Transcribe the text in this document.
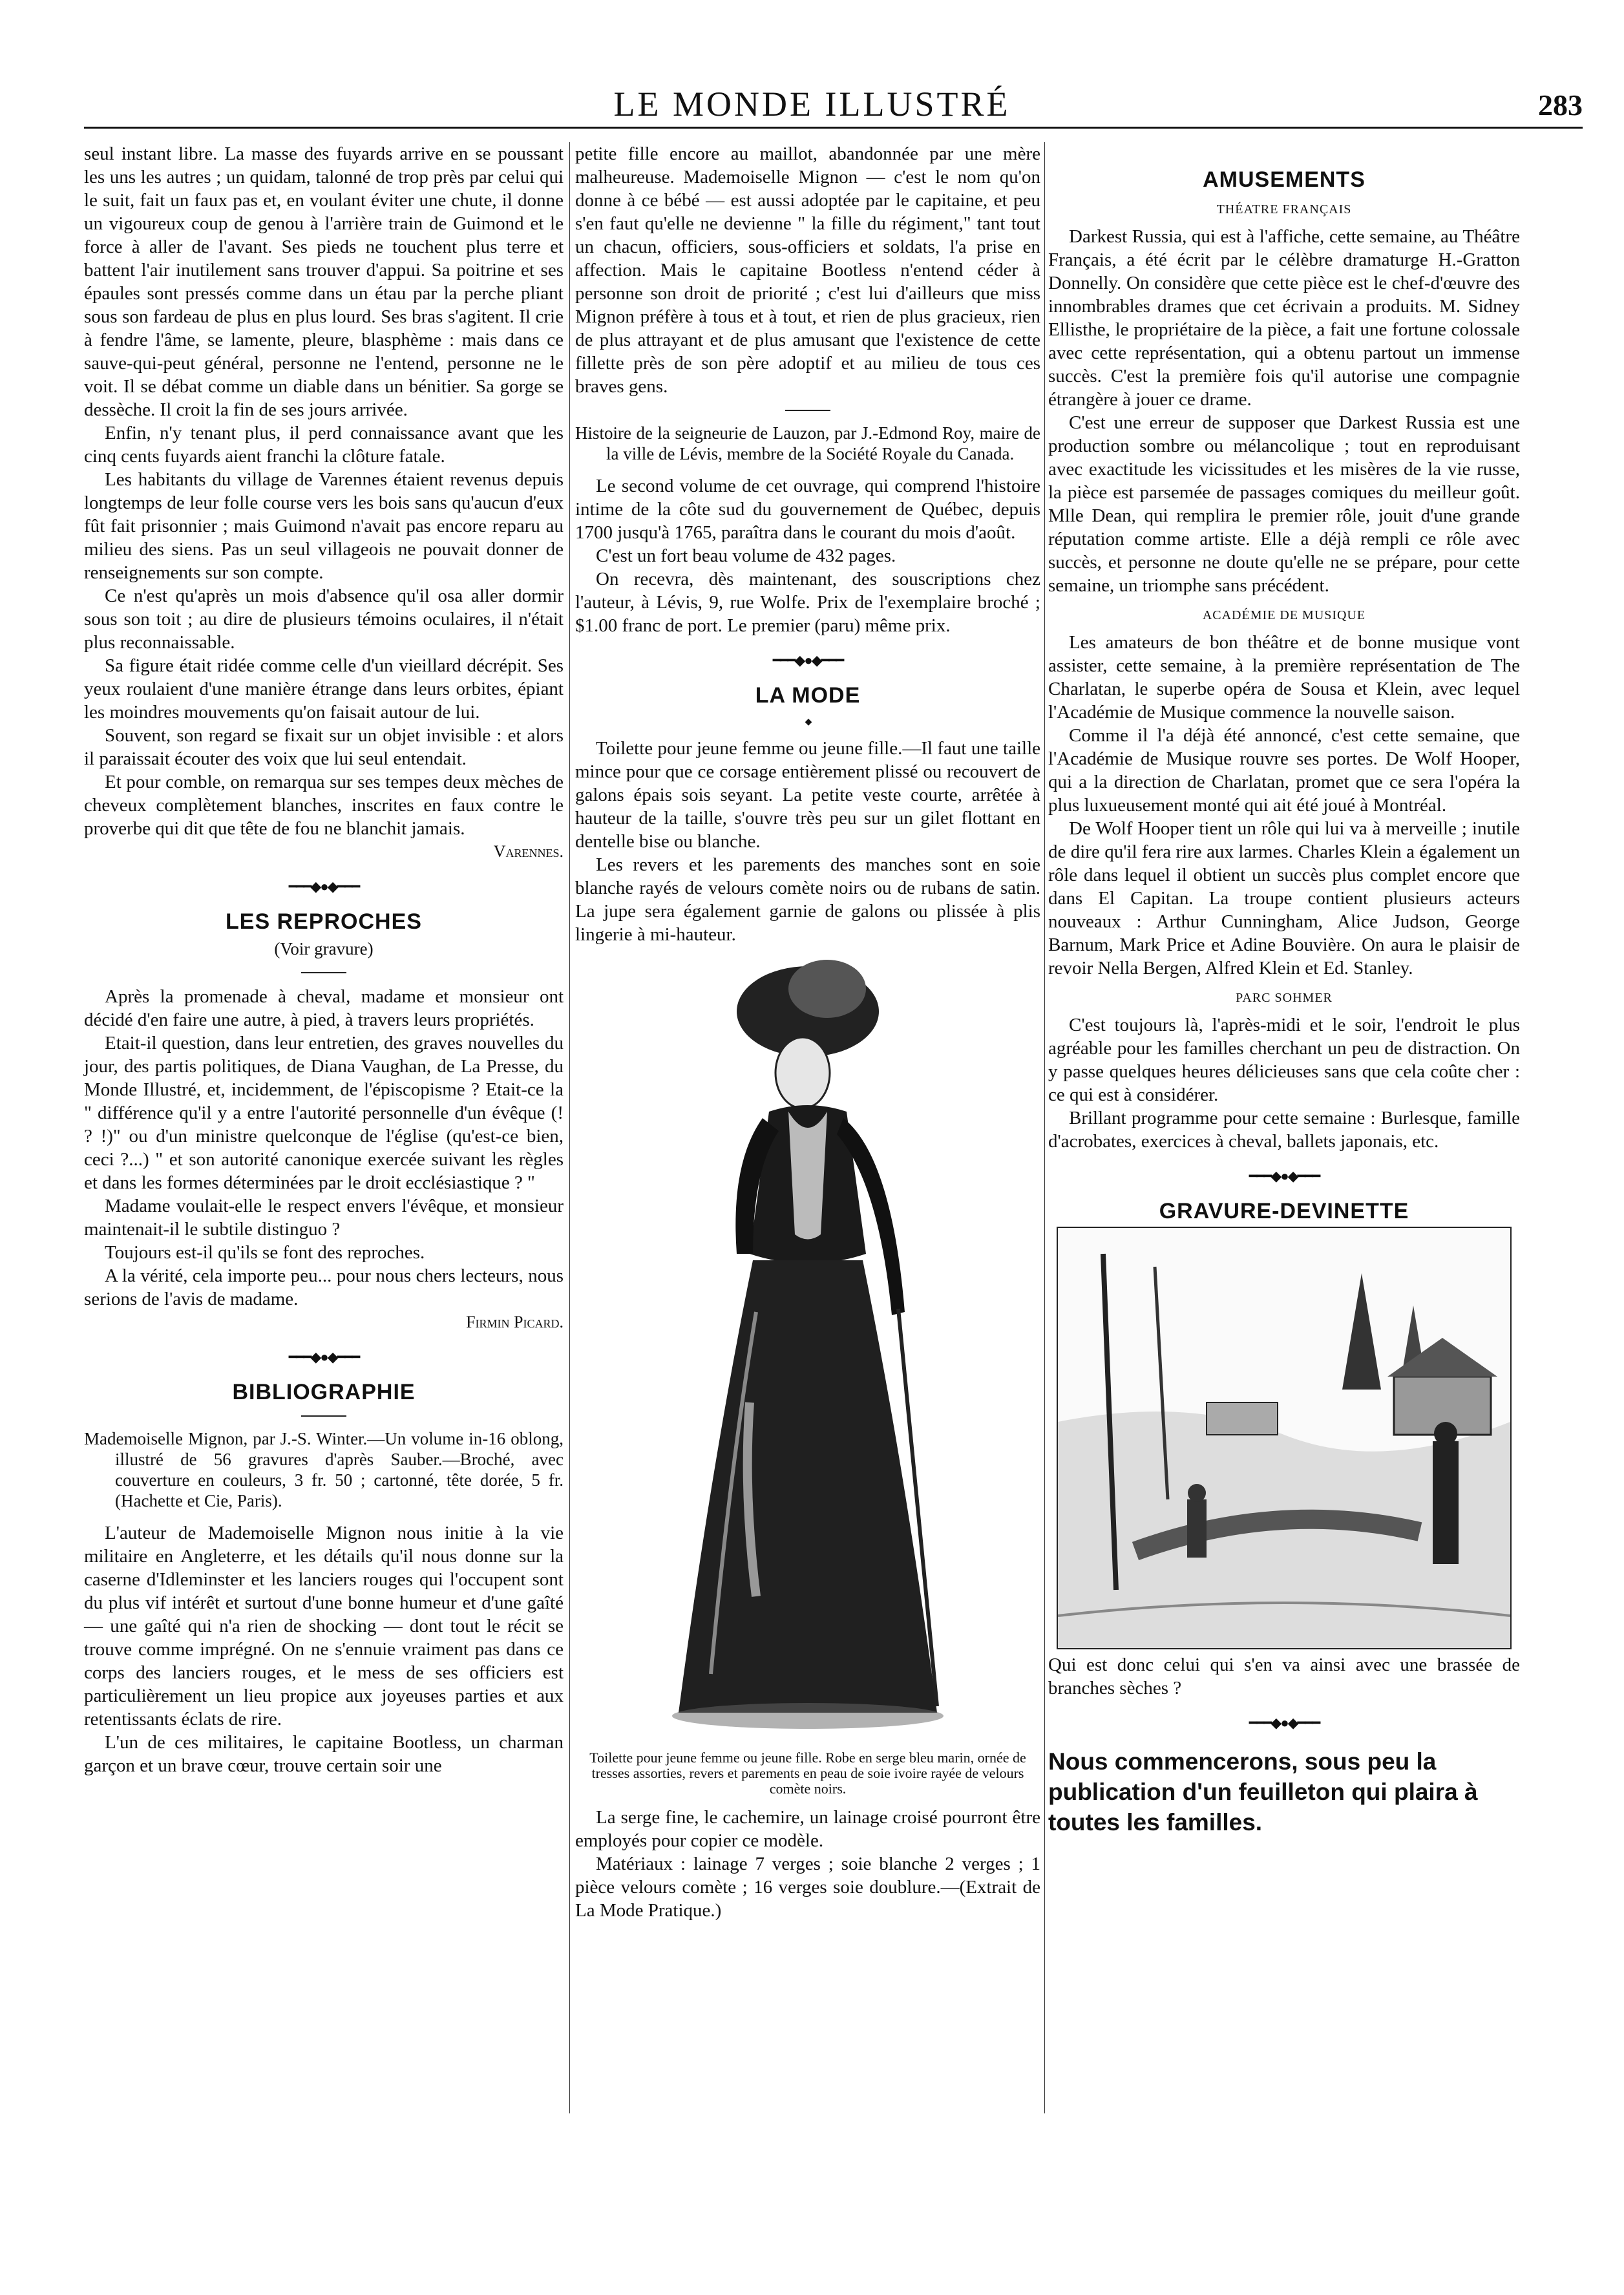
LE MONDE ILLUSTRÉ	283

seul instant libre. La masse des fuyards arrive en se poussant les uns les autres ; un quidam, talonné de trop près par celui qui le suit, fait un faux pas et, en voulant éviter une chute, il donne un vigoureux coup de genou à l'arrière train de Guimond et le force à aller de l'avant. Ses pieds ne touchent plus terre et battent l'air inutilement sans trouver d'appui. Sa poitrine et ses épaules sont pressés comme dans un étau par la perche pliant sous son fardeau de plus en plus lourd. Ses bras s'agitent. Il crie à fendre l'âme, se lamente, pleure, blasphème : mais dans ce sauve-qui-peut général, personne ne l'entend, personne ne le voit. Il se débat comme un diable dans un bénitier. Sa gorge se dessèche. Il croit la fin de ses jours arrivée.

Enfin, n'y tenant plus, il perd connaissance avant que les cinq cents fuyards aient franchi la clôture fatale.

Les habitants du village de Varennes étaient revenus depuis longtemps de leur folle course vers les bois sans qu'aucun d'eux fût fait prisonnier ; mais Guimond n'avait pas encore reparu au milieu des siens. Pas un seul villageois ne pouvait donner de renseignements sur son compte.

Ce n'est qu'après un mois d'absence qu'il osa aller dormir sous son toit ; au dire de plusieurs témoins oculaires, il n'était plus reconnaissable.

Sa figure était ridée comme celle d'un vieillard décrépit. Ses yeux roulaient d'une manière étrange dans leurs orbites, épiant les moindres mouvements qu'on faisait autour de lui.

Souvent, son regard se fixait sur un objet invisible : et alors il paraissait écouter des voix que lui seul entendait.

Et pour comble, on remarqua sur ses tempes deux mèches de cheveux complètement blanches, inscrites en faux contre le proverbe qui dit que tête de fou ne blanchit jamais.

Varennes.
━━━◆●◆━━━
LES REPROCHES
(Voir gravure)

Après la promenade à cheval, madame et monsieur ont décidé d'en faire une autre, à pied, à travers leurs propriétés.

Etait-il question, dans leur entretien, des graves nouvelles du jour, des partis politiques, de Diana Vaughan, de La Presse, du Monde Illustré, et, incidemment, de l'épiscopisme ? Etait-ce la " différence qu'il y a entre l'autorité personnelle d'un évêque (! ? !)" ou d'un ministre quelconque de l'église (qu'est-ce bien, ceci ?...) " et son autorité canonique exercée suivant les règles et dans les formes déterminées par le droit ecclésiastique ? "

Madame voulait-elle le respect envers l'évêque, et monsieur maintenait-il le subtile distinguo ?

Toujours est-il qu'ils se font des reproches.

A la vérité, cela importe peu... pour nous chers lecteurs, nous serions de l'avis de madame.

Firmin Picard.
━━━◆●◆━━━
BIBLIOGRAPHIE

Mademoiselle Mignon, par J.-S. Winter.—Un volume in-16 oblong, illustré de 56 gravures d'après Sauber.—Broché, avec couverture en couleurs, 3 fr. 50 ; cartonné, tête dorée, 5 fr. (Hachette et Cie, Paris).

L'auteur de Mademoiselle Mignon nous initie à la vie militaire en Angleterre, et les détails qu'il nous donne sur la caserne d'Idleminster et les lanciers rouges qui l'occupent sont du plus vif intérêt et surtout d'une bonne humeur et d'une gaîté — une gaîté qui n'a rien de shocking — dont tout le récit se trouve comme imprégné. On ne s'ennuie vraiment pas dans ce corps des lanciers rouges, et le mess de ses officiers est particulièrement un lieu propice aux joyeuses parties et aux retentissants éclats de rire.

L'un de ces militaires, le capitaine Bootless, un charman garçon et un brave cœur, trouve certain soir une

petite fille encore au maillot, abandonnée par une mère malheureuse. Mademoiselle Mignon — c'est le nom qu'on donne à ce bébé — est aussi adoptée par le capitaine, et peu s'en faut qu'elle ne devienne " la fille du régiment," tant tout un chacun, officiers, sous-officiers et soldats, l'a prise en affection. Mais le capitaine Bootless n'entend céder à personne son droit de priorité ; c'est lui d'ailleurs que miss Mignon préfère à tous et à tout, et rien de plus gracieux, rien de plus attrayant et de plus amusant que l'existence de cette fillette près de son père adoptif et au milieu de tous ces braves gens.

Histoire de la seigneurie de Lauzon, par J.-Edmond Roy, maire de la ville de Lévis, membre de la Société Royale du Canada.

Le second volume de cet ouvrage, qui comprend l'histoire intime de la côte sud du gouvernement de Québec, depuis 1700 jusqu'à 1765, paraîtra dans le courant du mois d'août.

C'est un fort beau volume de 432 pages.

On recevra, dès maintenant, des souscriptions chez l'auteur, à Lévis, 9, rue Wolfe. Prix de l'exemplaire broché ; $1.00 franc de port. Le premier (paru) même prix.

━━━◆●◆━━━
LA MODE
◆

Toilette pour jeune femme ou jeune fille.—Il faut une taille mince pour que ce corsage entièrement plissé ou recouvert de galons épais sois seyant. La petite veste courte, arrêtée à hauteur de la taille, s'ouvre très peu sur un gilet flottant en dentelle bise ou blanche.

Les revers et les parements des manches sont en soie blanche rayés de velours comète noirs ou de rubans de satin. La jupe sera également garnie de galons ou plissée à plis lingerie à mi-hauteur.

Toilette pour jeune femme ou jeune fille. Robe en serge bleu marin, ornée de tresses assorties, revers et parements en peau de soie ivoire rayée de velours comète noirs.

La serge fine, le cachemire, un lainage croisé pourront être employés pour copier ce modèle.

Matériaux : lainage 7 verges ; soie blanche 2 verges ; 1 pièce velours comète ; 16 verges soie doublure.—(Extrait de La Mode Pratique.)

AMUSEMENTS
THÉATRE FRANÇAIS

Darkest Russia, qui est à l'affiche, cette semaine, au Théâtre Français, a été écrit par le célèbre dramaturge H.-Gratton Donnelly. On considère que cette pièce est le chef-d'œuvre des innombrables drames que cet écrivain a produits. M. Sidney Ellisthe, le propriétaire de la pièce, a fait une fortune colossale avec cette représentation, qui a obtenu partout un immense succès. C'est la première fois qu'il autorise une compagnie étrangère à jouer ce drame.

C'est une erreur de supposer que Darkest Russia est une production sombre ou mélancolique ; tout en reproduisant avec exactitude les vicissitudes et les misères de la vie russe, la pièce est parsemée de passages comiques du meilleur goût. Mlle Dean, qui remplira le premier rôle, jouit d'une grande réputation comme artiste. Elle a déjà rempli ce rôle avec succès, et personne ne doute qu'elle ne se prépare, pour cette semaine, un triomphe sans précédent.

ACADÉMIE DE MUSIQUE

Les amateurs de bon théâtre et de bonne musique vont assister, cette semaine, à la première représentation de The Charlatan, le superbe opéra de Sousa et Klein, avec lequel l'Académie de Musique commence la nouvelle saison.

Comme il l'a déjà été annoncé, c'est cette semaine, que l'Académie de Musique rouvre ses portes. De Wolf Hooper, qui a la direction de Charlatan, promet que ce sera l'opéra la plus luxueusement monté qui ait été joué à Montréal.

De Wolf Hooper tient un rôle qui lui va à merveille ; inutile de dire qu'il fera rire aux larmes. Charles Klein a également un rôle dans lequel il obtient un succès plus complet encore que dans El Capitan. La troupe contient plusieurs acteurs nouveaux : Arthur Cunningham, Alice Judson, George Barnum, Mark Price et Adine Bouvière. On aura le plaisir de revoir Nella Bergen, Alfred Klein et Ed. Stanley.

PARC SOHMER

C'est toujours là, l'après-midi et le soir, l'endroit le plus agréable pour les familles cherchant un peu de distraction. On y passe quelques heures délicieuses sans que cela coûte cher : ce qui est à considérer.

Brillant programme pour cette semaine : Burlesque, famille d'acrobates, exercices à cheval, ballets japonais, etc.

━━━◆●◆━━━
GRAVURE-DEVINETTE

Qui est donc celui qui s'en va ainsi avec une brassée de branches sèches ?

━━━◆●◆━━━

Nous commencerons, sous peu la publication d'un feuilleton qui plaira à toutes les familles.
